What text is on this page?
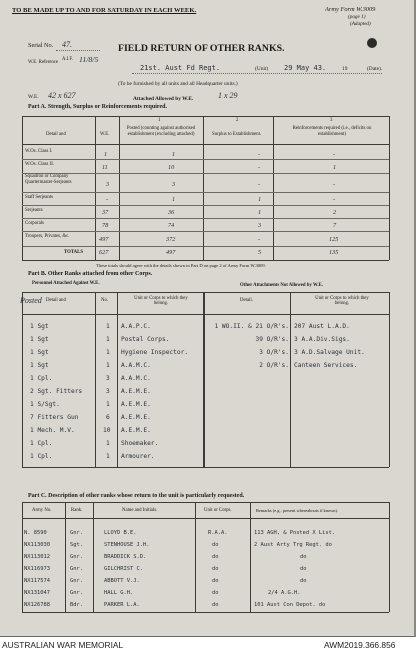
TO BE MADE UP TO AND FOR SATURDAY IN EACH WEEK.	Army Form W.3009
(page 1)
(Adapted)
Serial No. 47.	FIELD RETURN OF OTHER RANKS.
W.E. Reference
A.I.F. 11/8/5
21st. Aust Fd Regt.	(Unit) 29 May 43.	19	(Date).
(To be furnished by all units and all Headquarter units.)
W.E. 42 x 627	Attached Allowed by W.E.	1 x 29
Part A. Strength, Surplus or Reinforcements required.
1	2	3
Detail and	W.E.
Posted (counting against authorised establishment (excluding attached)	Surplus to Establishment.
Reinforcements required (i.e., deficits on establishment)
W.Os. Class I.	1	1	-	-
W.Os. Class II.	11	10	-	1
Squadron or Company Quartermaster-Serjeants	3	3	-	-
Staff Serjeants	-	1	1	-
Serjeants	37	36	1	2
Corporals	78	74	3	7
Troopers, Privates, &c.	497	372	-	125
TOTALS	627	497	5	135
These totals should agree with the details shown in Part D on page 2 of Army Form W.3009.
Part B. Other Ranks attached from other Corps.
Personnel Attached Against W.E.	Other Attachments Not Allowed by W.E.
Posted Detail and	No.	Unit or Corps to which they belong.
Detail.	Unit or Corps to which they belong.
1 Sgt	1 A.A.P.C.
1 Sgt	1 Postal Corps.
1 Sgt	1 Hygiene Inspector.
1 Sgt	1 A.A.M.C.
1 Cpl.	3 A.A.M.C.
2 Sgt. Fitters	3 A.E.M.E.
1 S/Sgt.	1 A.E.M.E.
7 Fitters Gun	6 A.E.M.E.
1 Mech. M.V.	10 A.E.M.E.
1 Cpl.	1 Shoemaker.
1 Cpl.	1 Armourer.
1 WO.II. & 21 O/R's. 207 Aust L.A.D.
39 O/R's. 3 A.A.Div.Sigs.
3 O/R's. 3 A.D.Salvage Unit.
2 O/R's. Canteen Services.
Part C. Description of other ranks whose return to the unit is particularly requested.
Army No.	Rank.	Name and Initials.	Unit or Corps.	Remarks (e.g., present whereabouts if known).
N. 8590	Gnr.	LLOYD B.E.	R.A.A.	113 AGH, & Posted X List.
NX113030	Sgt.	STENHOUSE J.H.	do	2 Aust Arty Trg Regt. do
NX113012	Gnr.	BRADDICK S.D.	do	do
NX116973	Gnr.	GILCHRIST C.	do	do
NX117574	Gnr.	ABBOTT V.J.	do	do
NX131047	Gnr.	HALL G.H.	do	2/4 A.G.H.
NX126788	Bdr.	PARKER L.A.	do	101 Aust Con Depot. do
AUSTRALIAN WAR MEMORIAL	AWM2019.366.856
